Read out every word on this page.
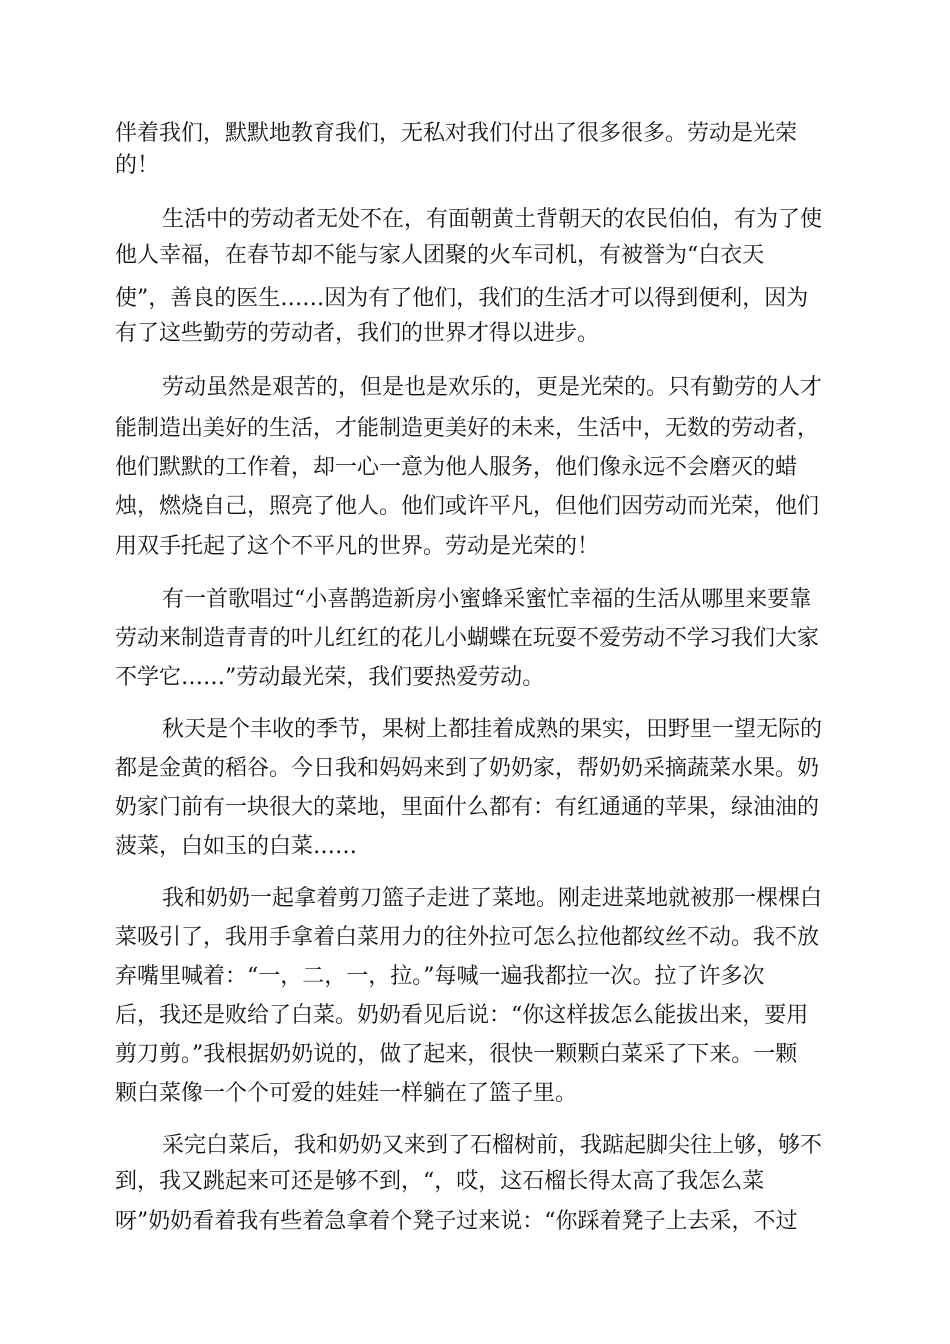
伴着我们，默默地教育我们，无私对我们付出了很多很多。劳动是光荣
的！
生活中的劳动者无处不在，有面朝黄土背朝天的农民伯伯，有为了使
他人幸福，在春节却不能与家人团聚的火车司机，有被誉为“白衣天
使”，善良的医生……因为有了他们，我们的生活才可以得到便利，因为
有了这些勤劳的劳动者，我们的世界才得以进步。
劳动虽然是艰苦的，但是也是欢乐的，更是光荣的。只有勤劳的人才
能制造出美好的生活，才能制造更美好的未来，生活中，无数的劳动者，
他们默默的工作着，却一心一意为他人服务，他们像永远不会磨灭的蜡
烛，燃烧自己，照亮了他人。他们或许平凡，但他们因劳动而光荣，他们
用双手托起了这个不平凡的世界。劳动是光荣的！
有一首歌唱过“小喜鹊造新房小蜜蜂采蜜忙幸福的生活从哪里来要靠
劳动来制造青青的叶儿红红的花儿小蝴蝶在玩耍不爱劳动不学习我们大家
不学它……”劳动最光荣，我们要热爱劳动。
秋天是个丰收的季节，果树上都挂着成熟的果实，田野里一望无际的
都是金黄的稻谷。今日我和妈妈来到了奶奶家，帮奶奶采摘蔬菜水果。奶
奶家门前有一块很大的菜地，里面什么都有：有红通通的苹果，绿油油的
菠菜，白如玉的白菜……
我和奶奶一起拿着剪刀篮子走进了菜地。刚走进菜地就被那一棵棵白
菜吸引了，我用手拿着白菜用力的往外拉可怎么拉他都纹丝不动。我不放
弃嘴里喊着：“一，二，一，拉。”每喊一遍我都拉一次。拉了许多次
后，我还是败给了白菜。奶奶看见后说：“你这样拔怎么能拔出来，要用
剪刀剪。”我根据奶奶说的，做了起来，很快一颗颗白菜采了下来。一颗
颗白菜像一个个可爱的娃娃一样躺在了篮子里。
采完白菜后，我和奶奶又来到了石榴树前，我踮起脚尖往上够，够不
到，我又跳起来可还是够不到，“，哎，这石榴长得太高了我怎么菜
呀”奶奶看着我有些着急拿着个凳子过来说：“你踩着凳子上去采，不过
